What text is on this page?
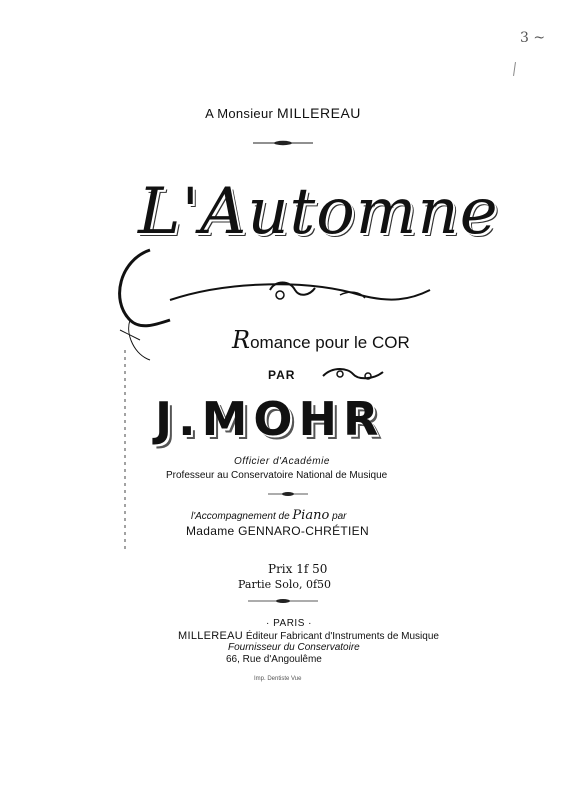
3 ~
A Monsieur MILLEREAU
L'Automne
Romance pour le COR
PAR
J.MOHR
Officier d'Académie
Professeur au Conservatoire National de Musique
l'Accompagnement de Piano par
Madame GENNARO-CHRÉTIEN
Prix 1f 50
Partie Solo, 0f50
· PARIS ·
MILLEREAU Éditeur Fabricant d'Instruments de Musique
Fournisseur du Conservatoire
66, Rue d'Angoulême
Imp. Dentiste Vue
